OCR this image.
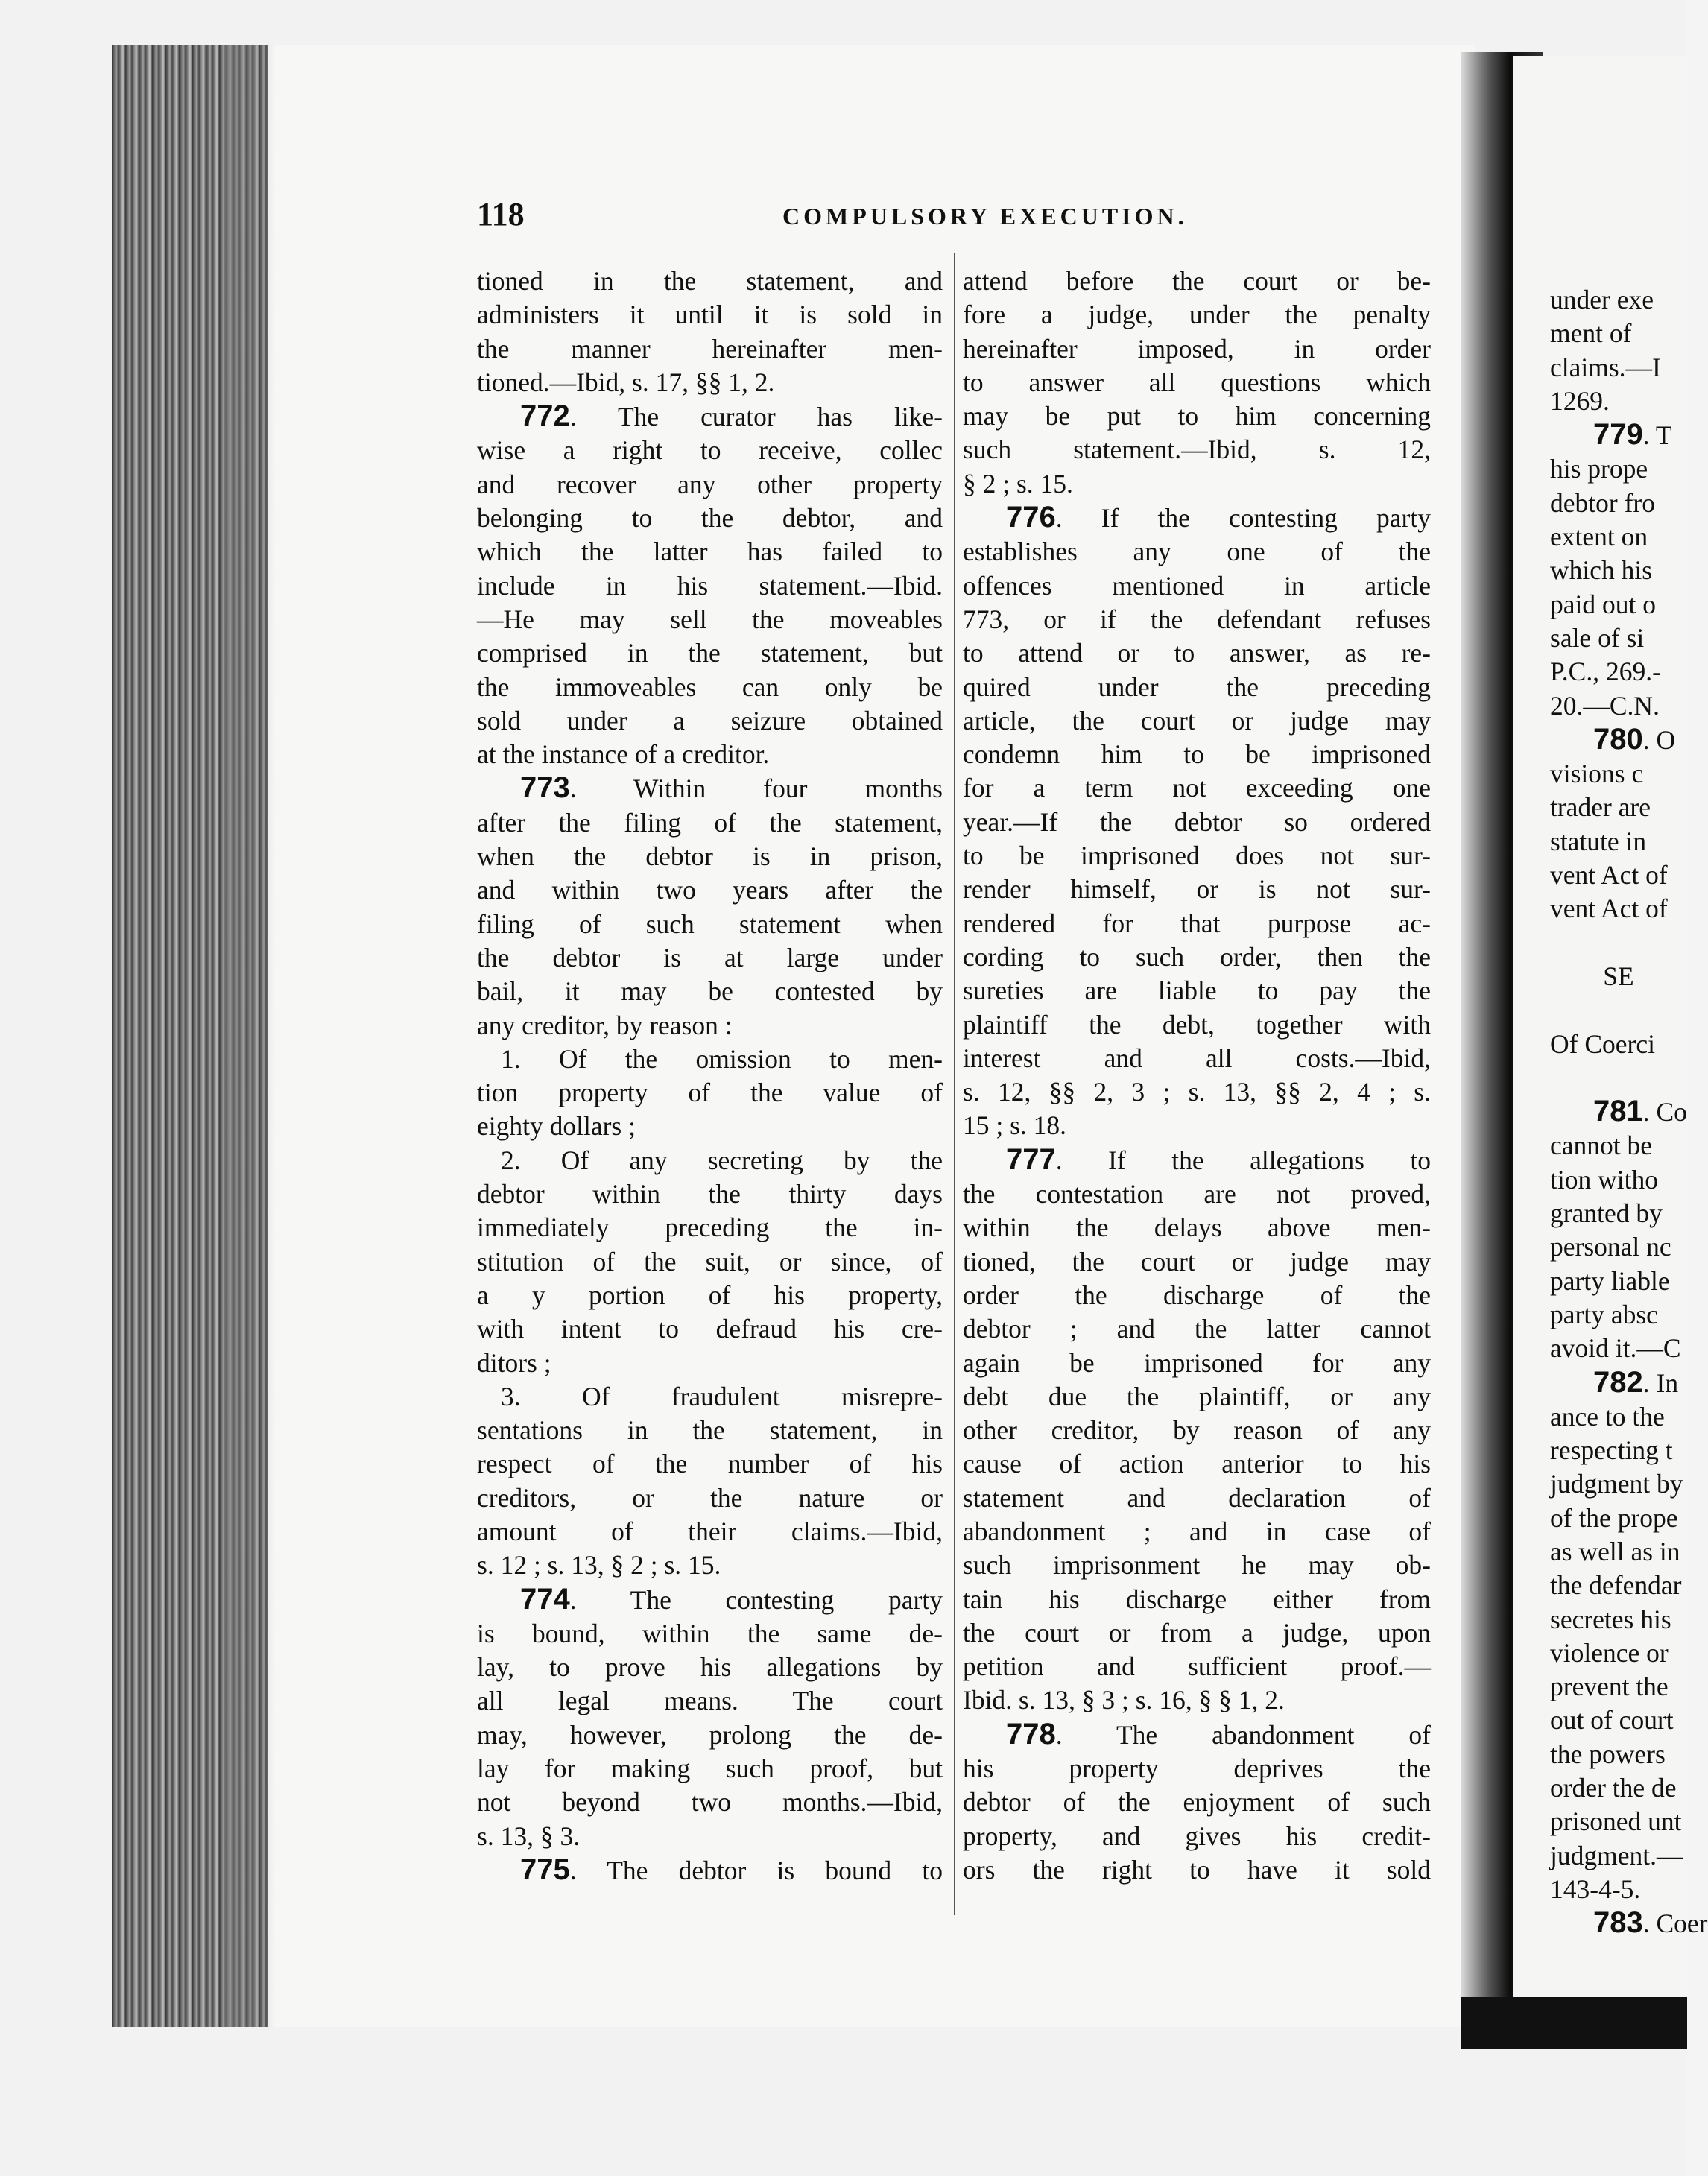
118	COMPULSORY EXECUTION.
tioned in the statement, and
administers it until it is sold in
the manner hereinafter men-
tioned.—Ibid, s. 17, §§ 1, 2.
772. The curator has like-
wise a right to receive, collec
and recover any other property
belonging to the debtor, and
which the latter has failed to
include in his statement.—Ibid.
—He may sell the moveables
comprised in the statement, but
the immoveables can only be
sold under a seizure obtained
at the instance of a creditor.
773. Within four months
after the filing of the statement,
when the debtor is in prison,
and within two years after the
filing of such statement when
the debtor is at large under
bail, it may be contested by
any creditor, by reason :
1. Of the omission to men-
tion property of the value of
eighty dollars ;
2. Of any secreting by the
debtor within the thirty days
immediately preceding the in-
stitution of the suit, or since, of
a y portion of his property,
with intent to defraud his cre-
ditors ;
3. Of fraudulent misrepre-
sentations in the statement, in
respect of the number of his
creditors, or the nature or
amount of their claims.—Ibid,
s. 12 ; s. 13, § 2 ; s. 15.
774. The contesting party
is bound, within the same de-
lay, to prove his allegations by
all legal means. The court
may, however, prolong the de-
lay for making such proof, but
not beyond two months.—Ibid,
s. 13, § 3.
775. The debtor is bound to
attend before the court or be-
fore a judge, under the penalty
hereinafter imposed, in order
to answer all questions which
may be put to him concerning
such statement.—Ibid, s. 12,
§ 2 ; s. 15.
776. If the contesting party
establishes any one of the
offences mentioned in article
773, or if the defendant refuses
to attend or to answer, as re-
quired under the preceding
article, the court or judge may
condemn him to be imprisoned
for a term not exceeding one
year.—If the debtor so ordered
to be imprisoned does not sur-
render himself, or is not sur-
rendered for that purpose ac-
cording to such order, then the
sureties are liable to pay the
plaintiff the debt, together with
interest and all costs.—Ibid,
s. 12, §§ 2, 3 ; s. 13, §§ 2, 4 ; s.
15 ; s. 18.
777. If the allegations to
the contestation are not proved,
within the delays above men-
tioned, the court or judge may
order the discharge of the
debtor ; and the latter cannot
again be imprisoned for any
debt due the plaintiff, or any
other creditor, by reason of any
cause of action anterior to his
statement and declaration of
abandonment ; and in case of
such imprisonment he may ob-
tain his discharge either from
the court or from a judge, upon
petition and sufficient proof.—
Ibid. s. 13, § 3 ; s. 16, § § 1, 2.
778. The abandonment of
his property deprives the
debtor of the enjoyment of such
property, and gives his credit-
ors the right to have it sold
under exe
ment of
claims.—I
1269.
779. T
his prope
debtor fro
extent on
which his
paid out o
sale of si
P.C., 269.-
20.—C.N.
780. O
visions c
trader are
statute in
vent Act of
vent Act of

SE

Of Coerci

781. Co
cannot be
tion witho
granted by
personal nc
party liable
party absc
avoid it.—C
782. In
ance to the
respecting t
judgment by
of the prope
as well as in
the defendar
secretes his
violence or
prevent the
out of court
the powers
order the de
prisoned unt
judgment.—
143-4-5.
783. Coer
